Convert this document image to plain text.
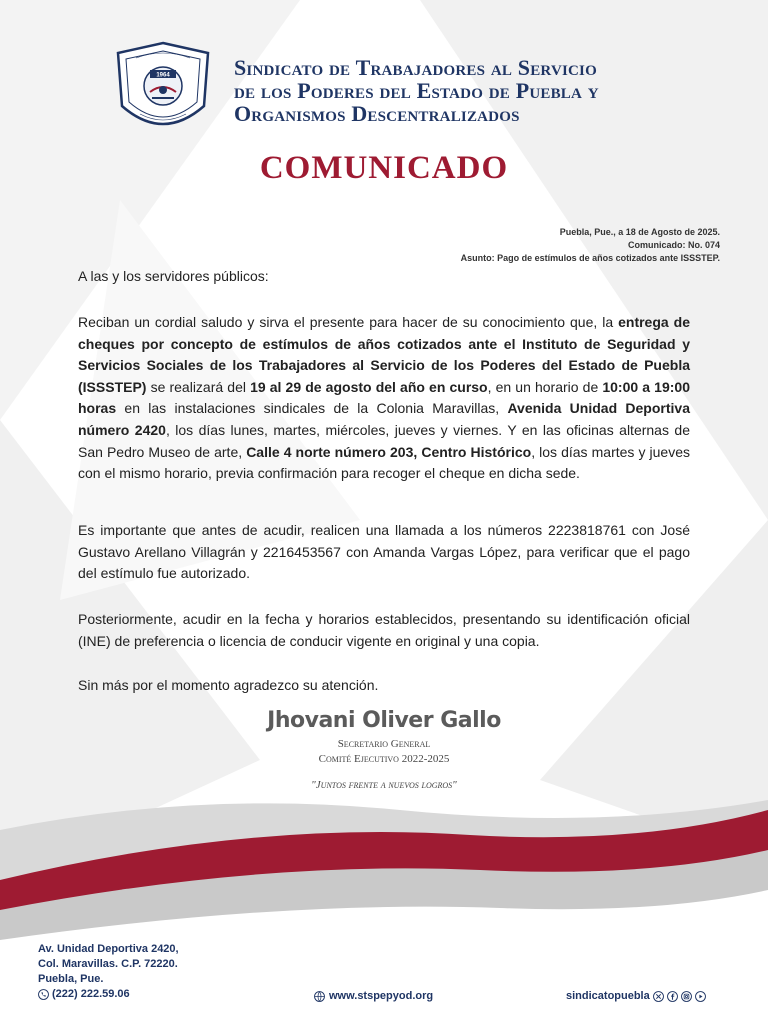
1964	Sindicato de Trabajadores al Servicio
de los Poderes del Estado de Puebla y
Organismos Descentralizados
COMUNICADO
Puebla, Pue., a 18 de Agosto de 2025.
Comunicado: No. 074
Asunto: Pago de estímulos de años cotizados ante ISSSTEP.
A las y los servidores públicos:
Reciban un cordial saludo y sirva el presente para hacer de su conocimiento que, la entrega de cheques por concepto de estímulos de años cotizados ante el Instituto de Seguridad y Servicios Sociales de los Trabajadores al Servicio de los Poderes del Estado de Puebla (ISSSTEP) se realizará del 19 al 29 de agosto del año en curso, en un horario de 10:00 a 19:00 horas en las instalaciones sindicales de la Colonia Maravillas, Avenida Unidad Deportiva número 2420, los días lunes, martes, miércoles, jueves y viernes. Y en las oficinas alternas de San Pedro Museo de arte, Calle 4 norte número 203, Centro Histórico, los días martes y jueves con el mismo horario, previa confirmación para recoger el cheque en dicha sede.
Es importante que antes de acudir, realicen una llamada a los números 2223818761 con José Gustavo Arellano Villagrán y 2216453567 con Amanda Vargas López, para verificar que el pago del estímulo fue autorizado.
Posteriormente, acudir en la fecha y horarios establecidos, presentando su identificación oficial (INE) de preferencia o licencia de conducir vigente en original y una copia.
Sin más por el momento agradezco su atención.
Jhovani Oliver Gallo
Secretario General
Comité Ejecutivo 2022-2025
"Juntos frente a nuevos logros"
Av. Unidad Deportiva 2420,
Col. Maravillas. C.P. 72220.
Puebla, Pue.
(222) 222.59.06	www.stspepyod.org	sindicatopuebla
